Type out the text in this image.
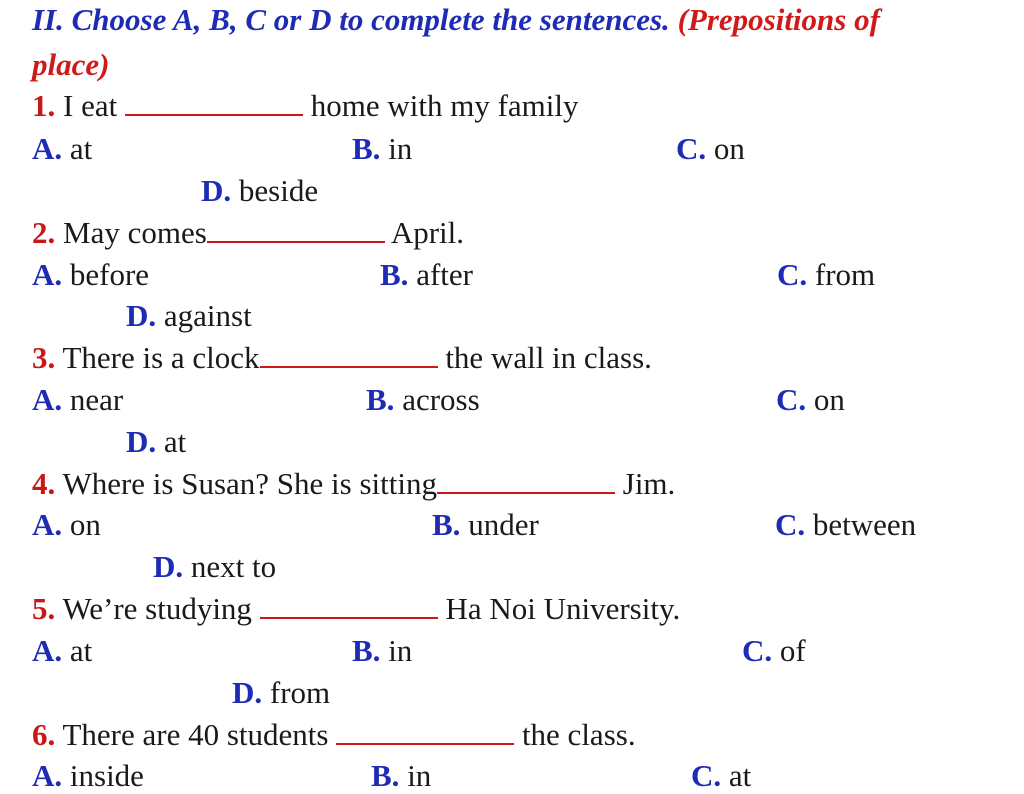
II. Choose A, B, C or D to complete the sentences. (Prepositions of
place)
1. I eat	home with my family
A. at	B. in	C. on
D. beside
2. May comes	April.
A. before	B. after	C. from
D. against
3. There is a clock	the wall in class.
A. near	B. across	C. on
D. at
4. Where is Susan? She is sitting	Jim.
A. on	B. under	C. between
D. next to
5. We’re studying	Ha Noi University.
A. at	B. in	C. of
D. from
6. There are 40 students	the class.
A. inside	B. in	C. at
